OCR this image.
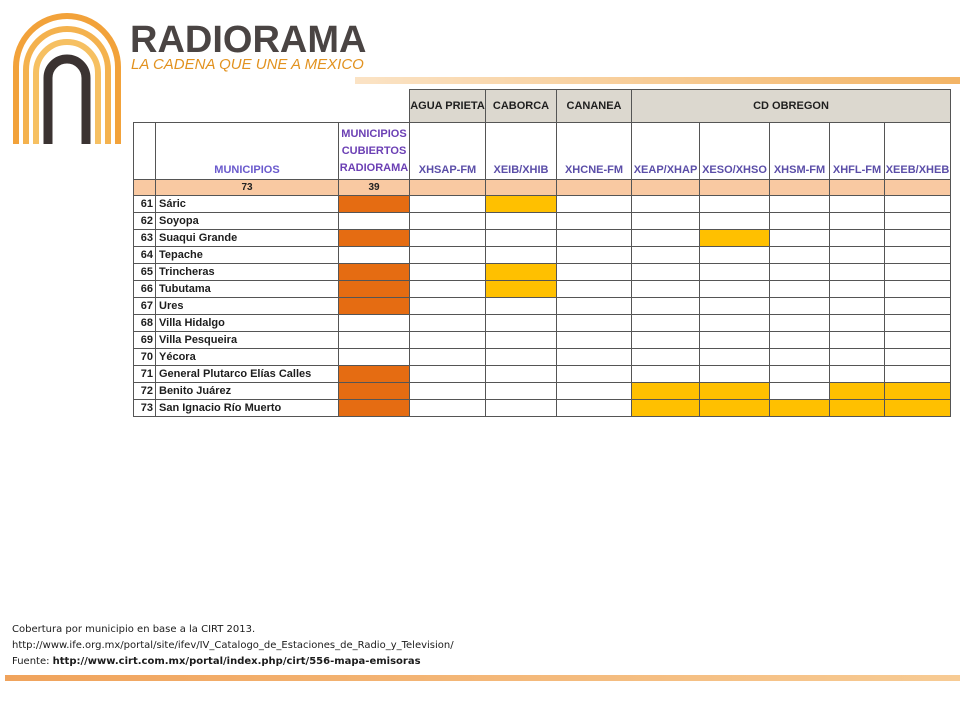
RADIORAMA
LA CADENA QUE UNE A MEXICO
			AGUA PRIETA	CABORCA	CANANEA	CD OBREGON				
	MUNICIPIOS	MUNICIPIOS
CUBIERTOS
RADIORAMA	XHSAP-FM	XEIB/XHIB	XHCNE-FM	XEAP/XHAP	XESO/XHSO	XHSM-FM	XHFL-FM	XEEB/XHEB
	73	39								
61	Sáric									
62	Soyopa									
63	Suaqui Grande									
64	Tepache									
65	Trincheras									
66	Tubutama									
67	Ures									
68	Villa Hidalgo									
69	Villa Pesqueira									
70	Yécora									
71	General Plutarco Elías Calles									
72	Benito Juárez									
73	San Ignacio Río Muerto									
Cobertura por municipio en base a la CIRT 2013.
http://www.ife.org.mx/portal/site/ifev/IV_Catalogo_de_Estaciones_de_Radio_y_Television/
Fuente: http://www.cirt.com.mx/portal/index.php/cirt/556-mapa-emisoras
